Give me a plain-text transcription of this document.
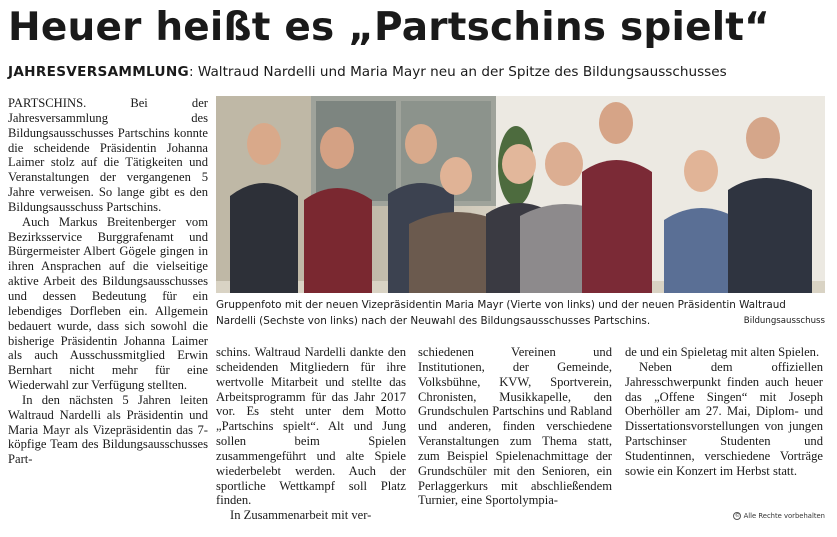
Heuer heißt es „Partschins spielt“
JAHRESVERSAMMLUNG: Waltraud Nardelli und Maria Mayr neu an der Spitze des Bildungsausschusses

PARTSCHINS. Bei der Jahresversammlung des Bildungsausschusses Partschins konnte die scheidende Präsidentin Johanna Laimer stolz auf die Tätigkeiten und Veranstaltungen der vergangenen 5 Jahre verweisen. So lange gibt es den Bildungsausschuss Partschins.

Auch Markus Breitenberger vom Bezirksservice Burggrafenamt und Bürgermeister Albert Gögele gingen in ihren Ansprachen auf die vielseitige aktive Arbeit des Bildungsausschusses und dessen Bedeutung für ein lebendiges Dorfleben ein. Allgemein bedauert wurde, dass sich sowohl die bisherige Präsidentin Johanna Laimer als auch Ausschussmitglied Erwin Bernhart nicht mehr für eine Wiederwahl zur Verfügung stellten.

In den nächsten 5 Jahren leiten Waltraud Nardelli als Präsidentin und Maria Mayr als Vizepräsidentin das 7-köpfige Team des Bildungsausschusses Part-

Gruppenfoto mit der neuen Vizepräsidentin Maria Mayr (Vierte von links) und der neuen Präsidentin Waltraud Nardelli (Sechste von links) nach der Neuwahl des Bildungsausschusses Partschins.	Bildungsausschuss

schins. Waltraud Nardelli dankte den scheidenden Mitgliedern für ihre wertvolle Mitarbeit und stellte das Arbeitsprogramm für das Jahr 2017 vor. Es steht unter dem Motto „Partschins spielt“. Alt und Jung sollen beim Spielen zusammengeführt und alte Spiele wiederbelebt werden. Auch der sportliche Wettkampf soll Platz finden.

In Zusammenarbeit mit ver-

schiedenen Vereinen und Institutionen, der Gemeinde, Volksbühne, KVW, Sportverein, Chronisten, Musikkapelle, den Grundschulen Partschins und Rabland und anderen, finden verschiedene Veranstaltungen zum Thema statt, zum Beispiel Spielenachmittage der Grundschüler mit den Senioren, ein Perlaggerkurs mit abschließendem Turnier, eine Sportolympia-

de und ein Spieletag mit alten Spielen.

Neben dem offiziellen Jahresschwerpunkt finden auch heuer das „Offene Singen“ mit Joseph Oberhöller am 27. Mai, Diplom- und Dissertationsvorstellungen von jungen Partschinser Studenten und Studentinnen, verschiedene Vorträge sowie ein Konzert im Herbst statt.

© Alle Rechte vorbehalten
